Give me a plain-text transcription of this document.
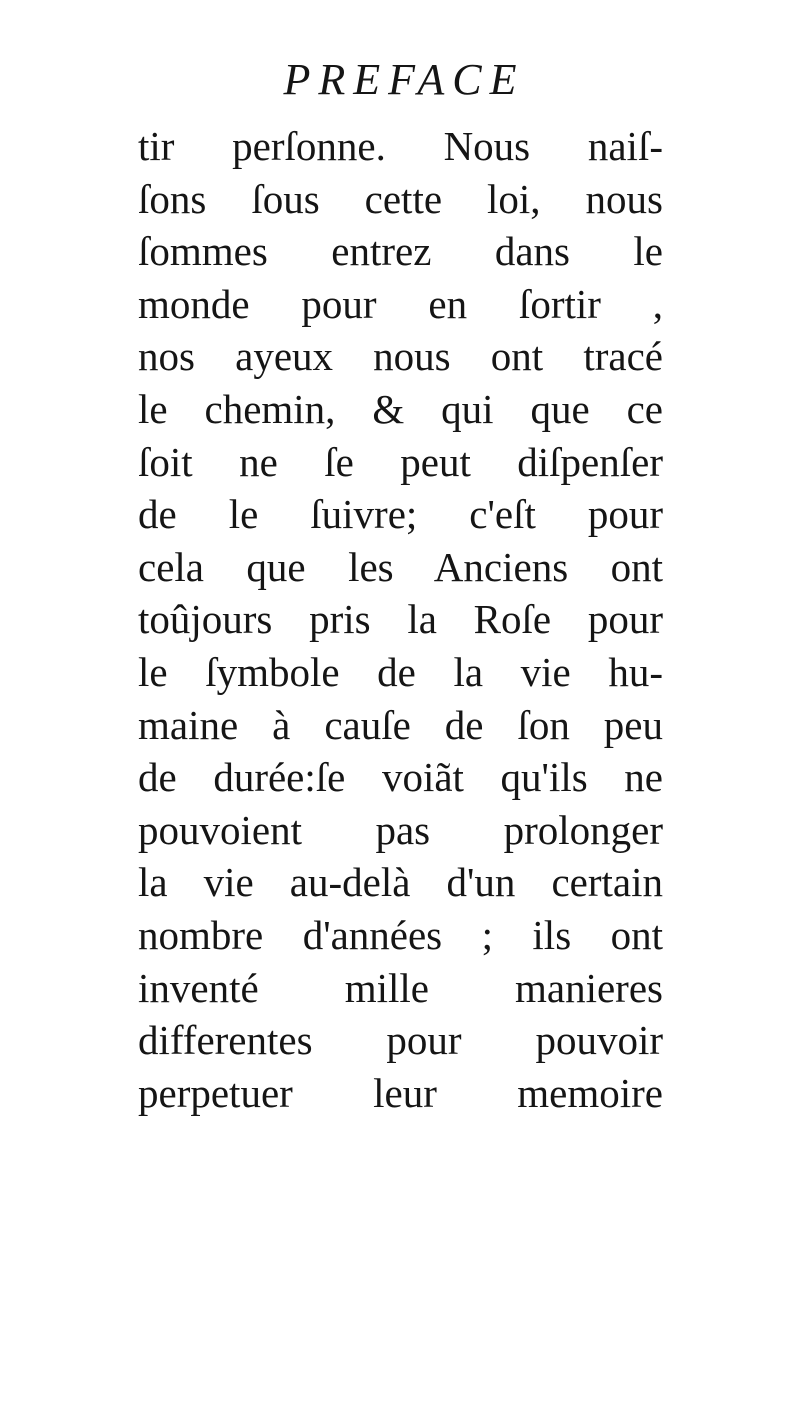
PREFACE
tir perſonne. Nous naiſ-
ſons ſous cette loi, nous
ſommes entrez dans le
monde pour en ſortir ,
nos ayeux nous ont tracé
le chemin, & qui que ce
ſoit ne ſe peut diſpenſer
de le ſuivre; c'eſt pour
cela que les Anciens ont
toûjours pris la Roſe pour
le ſymbole de la vie hu-
maine à cauſe de ſon peu
de durée:ſe voiãt qu'ils ne
pouvoient pas prolonger
la vie au-delà d'un certain
nombre d'années ; ils ont
inventé mille manieres
differentes pour pouvoir
perpetuer leur memoire
